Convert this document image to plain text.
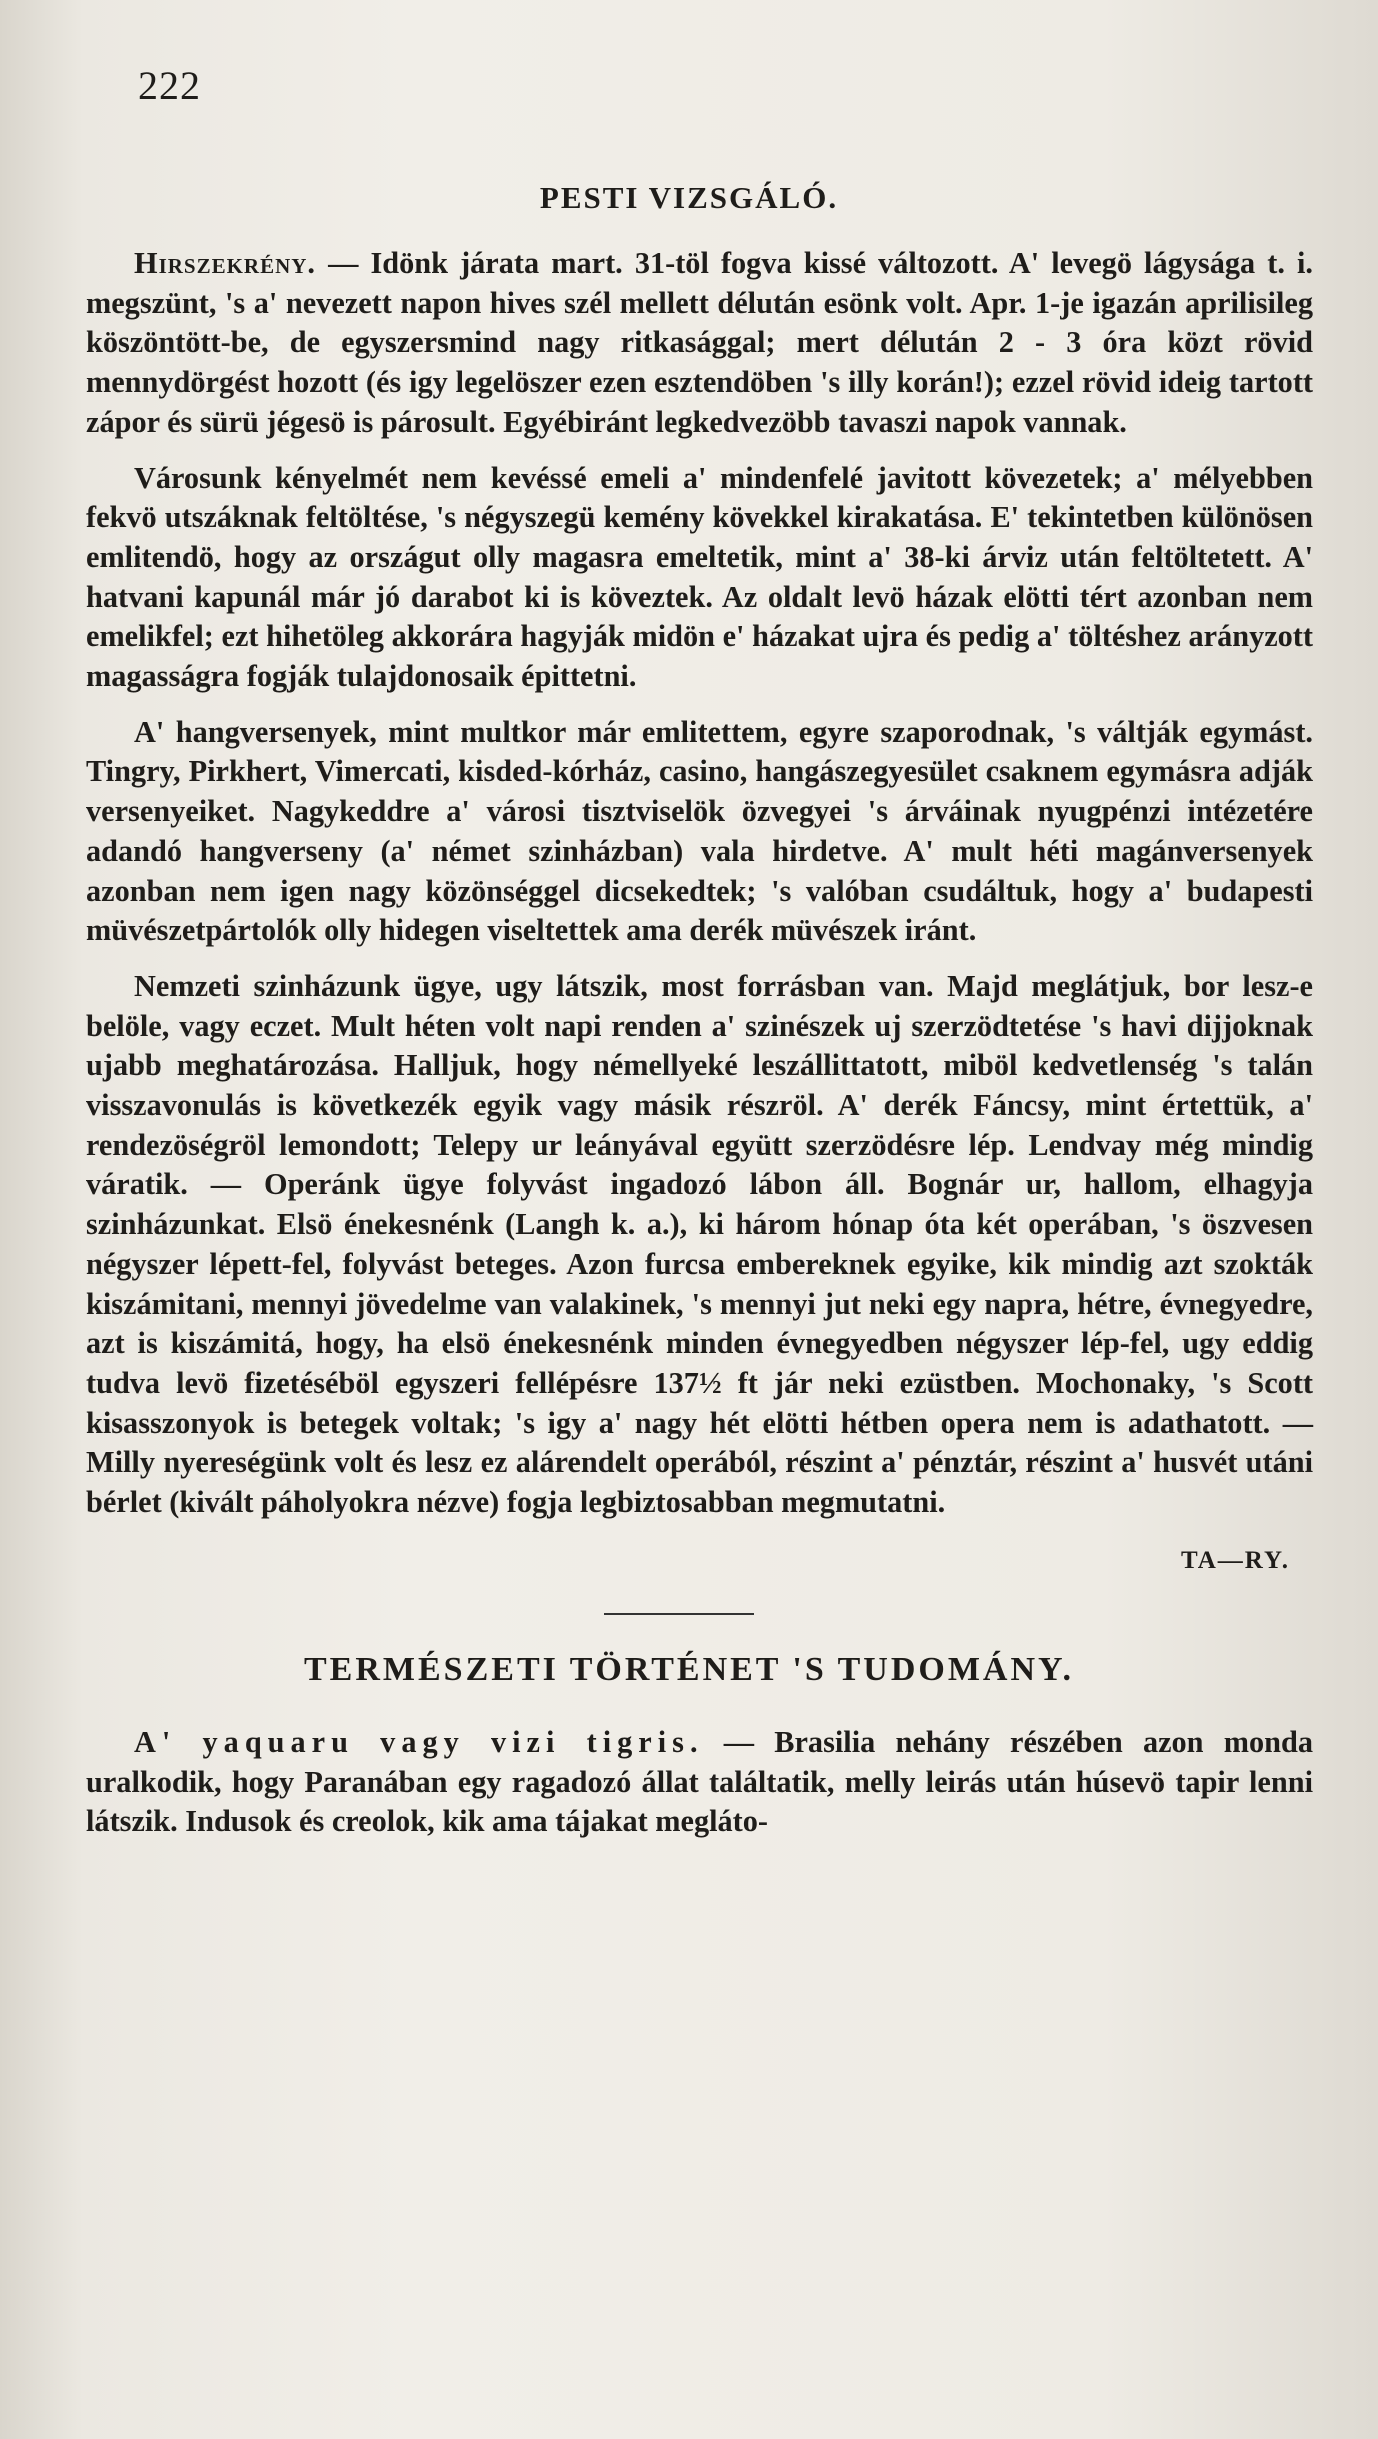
222
PESTI VIZSGÁLÓ.

Hirszekrény. — Idönk járata mart. 31-töl fogva kissé változott. A' levegö lágysága t. i. megszünt, 's a' nevezett napon hives szél mellett délután esönk volt. Apr. 1-je igazán aprilisileg köszöntött-be, de egyszersmind nagy ritkasággal; mert délután 2 - 3 óra közt rövid mennydörgést hozott (és igy legelöszer ezen esztendöben 's illy korán!); ezzel rövid ideig tartott zápor és sürü jégesö is párosult. Egyébiránt legkedvezöbb tavaszi napok vannak.

Városunk kényelmét nem kevéssé emeli a' mindenfelé javitott kövezetek; a' mélyebben fekvö utszáknak feltöltése, 's négyszegü kemény kövekkel kirakatása. E' tekintetben különösen emlitendö, hogy az országut olly magasra emeltetik, mint a' 38-ki árviz után feltöltetett. A' hatvani kapunál már jó darabot ki is köveztek. Az oldalt levö házak elötti tért azonban nem emelikfel; ezt hihetöleg akkorára hagyják midön e' házakat ujra és pedig a' töltéshez arányzott magasságra fogják tulajdonosaik épittetni.

A' hangversenyek, mint multkor már emlitettem, egyre szaporodnak, 's váltják egymást. Tingry, Pirkhert, Vimercati, kisded-kórház, casino, hangászegyesület csaknem egymásra adják versenyeiket. Nagykeddre a' városi tisztviselök özvegyei 's árváinak nyugpénzi intézetére adandó hangverseny (a' német szinházban) vala hirdetve. A' mult héti magánversenyek azonban nem igen nagy közönséggel dicsekedtek; 's valóban csudáltuk, hogy a' budapesti müvészetpártolók olly hidegen viseltettek ama derék müvészek iránt.

Nemzeti szinházunk ügye, ugy látszik, most forrásban van. Majd meglátjuk, bor lesz-e belöle, vagy eczet. Mult héten volt napi renden a' szinészek uj szerzödtetése 's havi dijjoknak ujabb meghatározása. Halljuk, hogy némellyeké leszállittatott, miböl kedvetlenség 's talán visszavonulás is következék egyik vagy másik részröl. A' derék Fáncsy, mint értettük, a' rendezöségröl lemondott; Telepy ur leányával együtt szerzödésre lép. Lendvay még mindig váratik. — Operánk ügye folyvást ingadozó lábon áll. Bognár ur, hallom, elhagyja szinházunkat. Elsö énekesnénk (Langh k. a.), ki három hónap óta két operában, 's öszvesen négyszer lépett-fel, folyvást beteges. Azon furcsa embereknek egyike, kik mindig azt szokták kiszámitani, mennyi jövedelme van valakinek, 's mennyi jut neki egy napra, hétre, évnegyedre, azt is kiszámitá, hogy, ha elsö énekesnénk minden évnegyedben négyszer lép-fel, ugy eddig tudva levö fizetéséböl egyszeri fellépésre 137½ ft jár neki ezüstben. Mochonaky, 's Scott kisasszonyok is betegek voltak; 's igy a' nagy hét elötti hétben opera nem is adathatott. — Milly nyereségünk volt és lesz ez alárendelt operából, részint a' pénztár, részint a' husvét utáni bérlet (kivált páholyokra nézve) fogja legbiztosabban megmutatni.

TA—RY.
TERMÉSZETI TÖRTÉNET 'S TUDOMÁNY.

A' yaquaru vagy vizi tigris. — Brasilia nehány részében azon monda uralkodik, hogy Paranában egy ragadozó állat találtatik, melly leirás után húsevö tapir lenni látszik. Indusok és creolok, kik ama tájakat megláto-
